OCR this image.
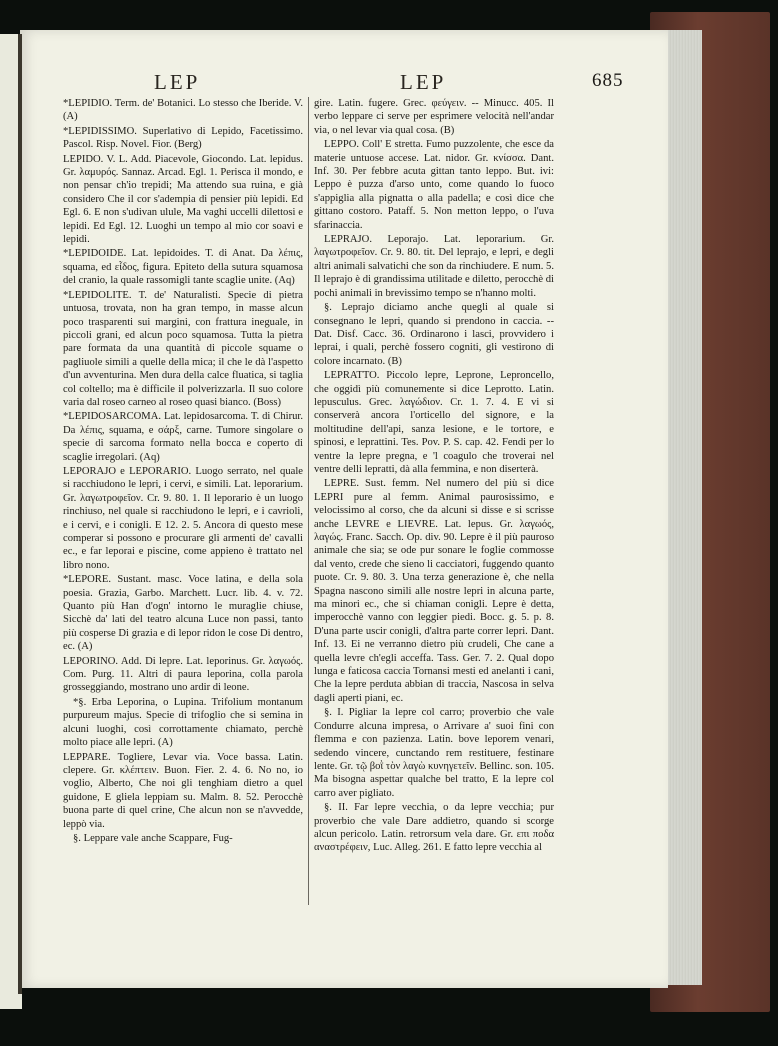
LEP	LEP	685

*LEPIDIO. Term. de' Botanici. Lo stesso che Iberide. V. (A)

*LEPIDISSIMO. Superlativo di Lepido, Facetissimo. Pascol. Risp. Novel. Fior. (Berg)

LEPIDO. V. L. Add. Piacevole, Giocondo. Lat. lepidus. Gr. λαμυρός. Sannaz. Arcad. Egl. 1. Perisca il mondo, e non pensar ch'io trepidi; Ma attendo sua ruina, e già considero Che il cor s'adempia di pensier più lepidi. Ed Egl. 6. E non s'udivan ulule, Ma vaghi uccelli dilettosi e lepidi. Ed Egl. 12. Luoghi un tempo al mio cor soavi e lepidi.

*LEPIDOIDE. Lat. lepidoides. T. di Anat. Da λέπις, squama, ed εἶδος, figura. Epiteto della sutura squamosa del cranio, la quale rassomigli tante scaglie unite. (Aq)

*LEPIDOLITE. T. de' Naturalisti. Specie di pietra untuosa, trovata, non ha gran tempo, in masse alcun poco trasparenti sui margini, con frattura ineguale, in piccoli grani, ed alcun poco squamosa. Tutta la pietra pare formata da una quantità di piccole squame o pagliuole simili a quelle della mica; il che le dà l'aspetto d'un avventurina. Men dura della calce fluatica, si taglia col coltello; ma è difficile il polverizzarla. Il suo colore varia dal roseo carneo al roseo quasi bianco. (Boss)

*LEPIDOSARCOMA. Lat. lepidosarcoma. T. di Chirur. Da λέπις, squama, e σάρξ, carne. Tumore singolare o specie di sarcoma formato nella bocca e coperto di scaglie irregolari. (Aq)

LEPORAJO e LEPORARIO. Luogo serrato, nel quale si racchiudono le lepri, i cervi, e simili. Lat. leporarium. Gr. λαγωτροφεῖον. Cr. 9. 80. 1. Il leporario è un luogo rinchiuso, nel quale si racchiudono le lepri, e i cavrioli, e i cervi, e i conigli. E 12. 2. 5. Ancora di questo mese comperar si possono e procurare gli armenti de' cavalli ec., e far leporai e piscine, come appieno è trattato nel libro nono.

*LEPORE. Sustant. masc. Voce latina, e della sola poesia. Grazia, Garbo. Marchett. Lucr. lib. 4. v. 72. Quanto più Han d'ogn' intorno le muraglie chiuse, Sicchè da' lati del teatro alcuna Luce non passi, tanto più cosperse Di grazia e di lepor ridon le cose Di dentro, ec. (A)

LEPORINO. Add. Di lepre. Lat. leporinus. Gr. λαγωός. Com. Purg. 11. Altri di paura leporina, colla parola grosseggiando, mostrano uno ardir di leone.

*§. Erba Leporina, o Lupina. Trifolium montanum purpureum majus. Specie di trifoglio che si semina in alcuni luoghi, così corrottamente chiamato, perchè molto piace alle lepri. (A)

LEPPARE. Togliere, Levar via. Voce bassa. Latin. clepere. Gr. κλέπτειν. Buon. Fier. 2. 4. 6. No no, io voglio, Alberto, Che noi gli tenghiam dietro a quel guidone, E gliela leppiam su. Malm. 8. 52. Perocchè buona parte di quel crine, Che alcun non se n'avvedde, leppò via.

§. Leppare vale anche Scappare, Fug-

gire. Latin. fugere. Grec. φεύγειν. -- Minucc. 405. Il verbo leppare ci serve per esprimere velocità nell'andar via, o nel levar via qual cosa. (B)

LEPPO. Coll' E stretta. Fumo puzzolente, che esce da materie untuose accese. Lat. nidor. Gr. κνίσσα. Dant. Inf. 30. Per febbre acuta gittan tanto leppo. But. ivi: Leppo è puzza d'arso unto, come quando lo fuoco s'appiglia alla pignatta o alla padella; e così dice che gittano costoro. Pataff. 5. Non metton leppo, o l'uva sfarinaccia.

LEPRAJO. Leporajo. Lat. leporarium. Gr. λαγωτροφεῖον. Cr. 9. 80. tit. Del leprajo, e lepri, e degli altri animali salvatichi che son da rinchiudere. E num. 5. Il leprajo è di grandissima utilitade e diletto, perocchè di pochi animali in brevissimo tempo se n'hanno molti.

§. Leprajo diciamo anche quegli al quale si consegnano le lepri, quando si prendono in caccia. -- Dat. Disf. Cacc. 36. Ordinarono i lasci, provvidero i leprai, i quali, perchè fossero cogniti, gli vestirono di colore incarnato. (B)

LEPRATTO. Piccolo lepre, Leprone, Leproncello, che oggidì più comunemente si dice Leprotto. Latin. lepusculus. Grec. λαγώδιον. Cr. 1. 7. 4. E vi si conserverà ancora l'orticello del signore, e la moltitudine dell'api, sanza lesione, e le tortore, e spinosi, e leprattini. Tes. Pov. P. S. cap. 42. Fendi per lo ventre la lepre pregna, e 'l coagulo che troverai nel ventre delli lepratti, dà alla femmina, e non diserterà.

LEPRE. Sust. femm. Nel numero del più si dice LEPRI pure al femm. Animal paurosissimo, e velocissimo al corso, che da alcuni si disse e si scrisse anche LEVRE e LIEVRE. Lat. lepus. Gr. λαγωός, λαγώς. Franc. Sacch. Op. div. 90. Lepre è il più pauroso animale che sia; se ode pur sonare le foglie commosse dal vento, crede che sieno li cacciatori, fuggendo quanto puote. Cr. 9. 80. 3. Una terza generazione è, che nella Spagna nascono simili alle nostre lepri in alcuna parte, ma minori ec., che si chiaman conigli. Lepre è detta, imperocchè vanno con leggier piedi. Bocc. g. 5. p. 8. D'una parte uscir conigli, d'altra parte correr lepri. Dant. Inf. 13. Ei ne verranno dietro più crudeli, Che cane a quella levre ch'egli acceffa. Tass. Ger. 7. 2. Qual dopo lunga e faticosa caccia Tornansi mesti ed anelanti i cani, Che la lepre perduta abbian di traccia, Nascosa in selva dagli aperti piani, ec.

§. I. Pigliar la lepre col carro; proverbio che vale Condurre alcuna impresa, o Arrivare a' suoi fini con flemma e con pazienza. Latin. bove leporem venari, sedendo vincere, cunctando rem restituere, festinare lente. Gr. τῷ βοῒ τὸν λαγὼ κυνηγετεῖν. Bellinc. son. 105. Ma bisogna aspettar qualche bel tratto, E la lepre col carro aver pigliato.

§. II. Far lepre vecchia, o da lepre vecchia; pur proverbio che vale Dare addietro, quando si scorge alcun pericolo. Latin. retrorsum vela dare. Gr. επι ποδα αναστρέφειν, Luc. Alleg. 261. E fatto lepre vecchia al
